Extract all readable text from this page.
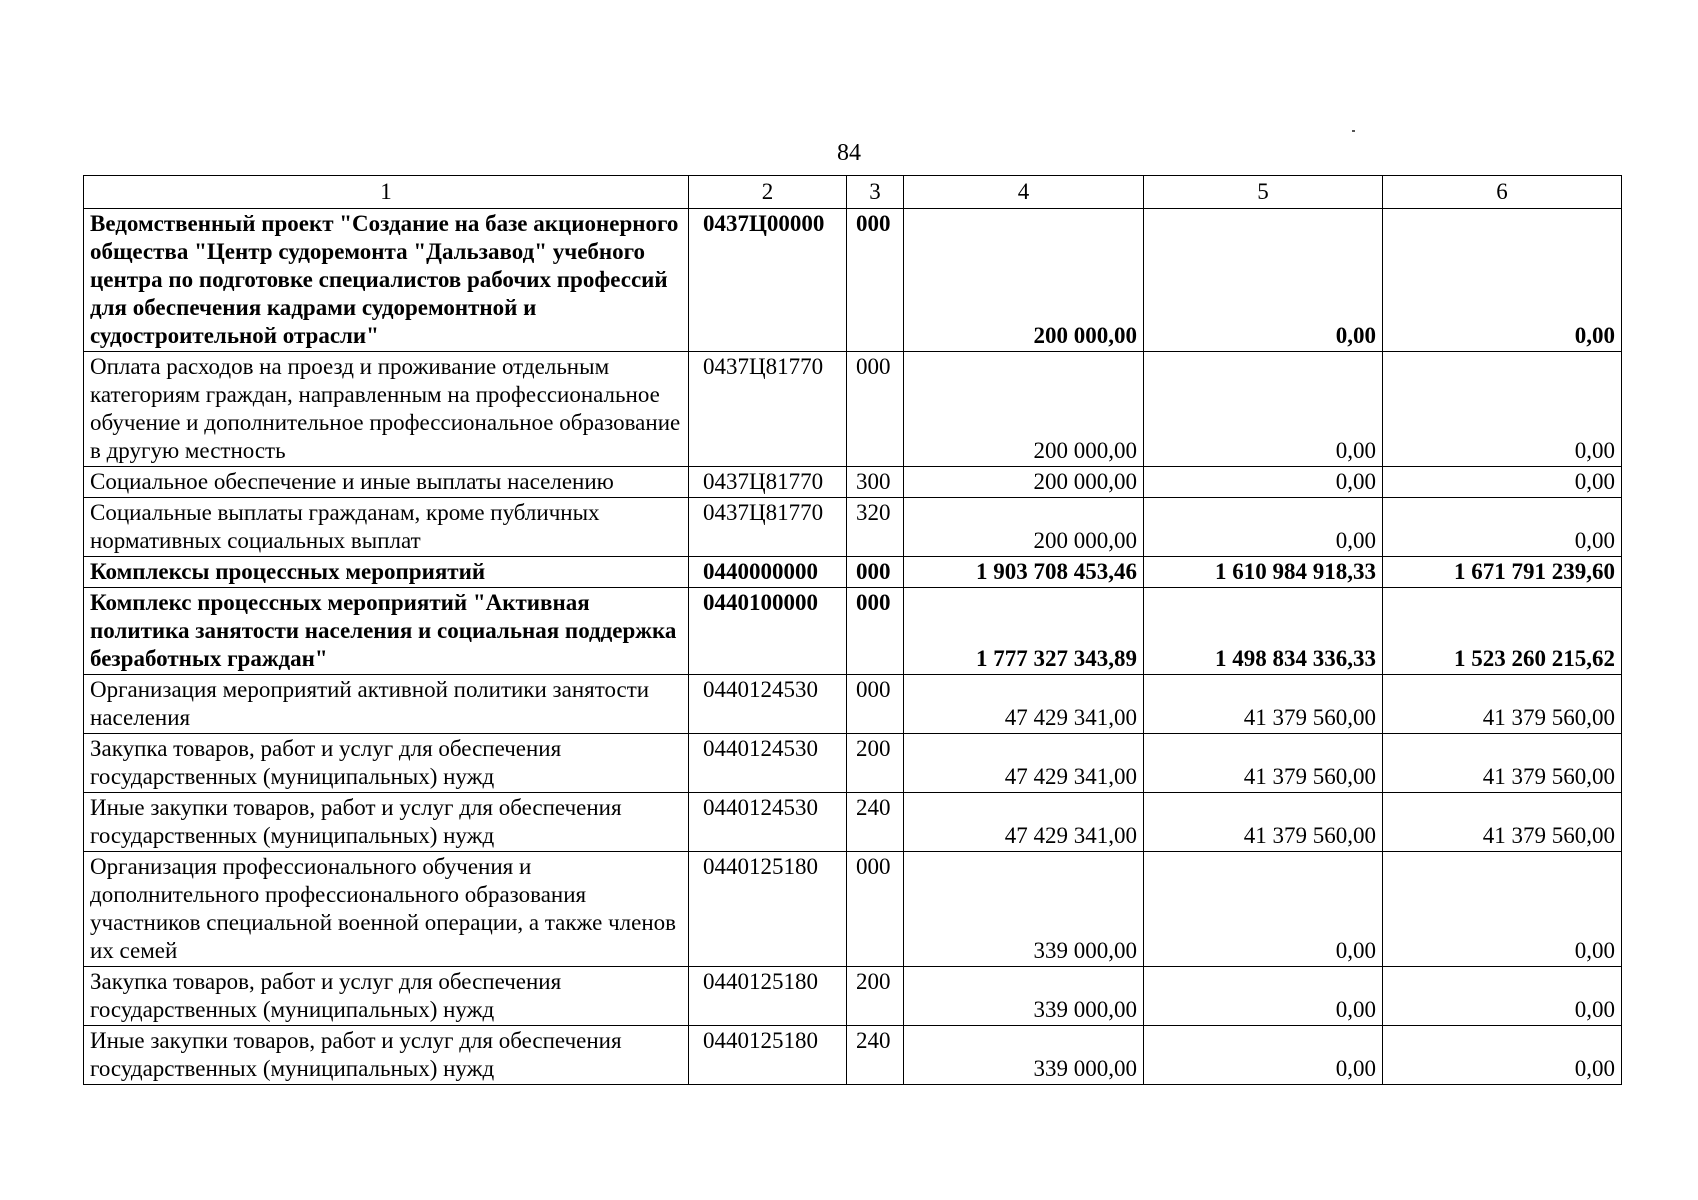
84
1	2	3	4	5	6
Ведомственный проект "Создание на базе акционерного общества "Центр судоремонта "Дальзавод" учебного центра по подготовке специалистов рабочих профессий для обеспечения кадрами судоремонтной и судостроительной отрасли"	0437Ц00000	000	200 000,00	0,00	0,00
Оплата расходов на проезд и проживание отдельным категориям граждан, направленным на профессиональное обучение и дополнительное профессиональное образование в другую местность	0437Ц81770	000	200 000,00	0,00	0,00
Социальное обеспечение и иные выплаты населению	0437Ц81770	300	200 000,00	0,00	0,00
Социальные выплаты гражданам, кроме публичных нормативных социальных выплат	0437Ц81770	320	200 000,00	0,00	0,00
Комплексы процессных мероприятий	0440000000	000	1 903 708 453,46	1 610 984 918,33	1 671 791 239,60
Комплекс процессных мероприятий "Активная политика занятости населения и социальная поддержка безработных граждан"	0440100000	000	1 777 327 343,89	1 498 834 336,33	1 523 260 215,62
Организация мероприятий активной политики занятости населения	0440124530	000	47 429 341,00	41 379 560,00	41 379 560,00
Закупка товаров, работ и услуг для обеспечения государственных (муниципальных) нужд	0440124530	200	47 429 341,00	41 379 560,00	41 379 560,00
Иные закупки товаров, работ и услуг для обеспечения государственных (муниципальных) нужд	0440124530	240	47 429 341,00	41 379 560,00	41 379 560,00
Организация профессионального обучения и дополнительного профессионального образования участников специальной военной операции, а также членов их семей	0440125180	000	339 000,00	0,00	0,00
Закупка товаров, работ и услуг для обеспечения государственных (муниципальных) нужд	0440125180	200	339 000,00	0,00	0,00
Иные закупки товаров, работ и услуг для обеспечения государственных (муниципальных) нужд	0440125180	240	339 000,00	0,00	0,00
